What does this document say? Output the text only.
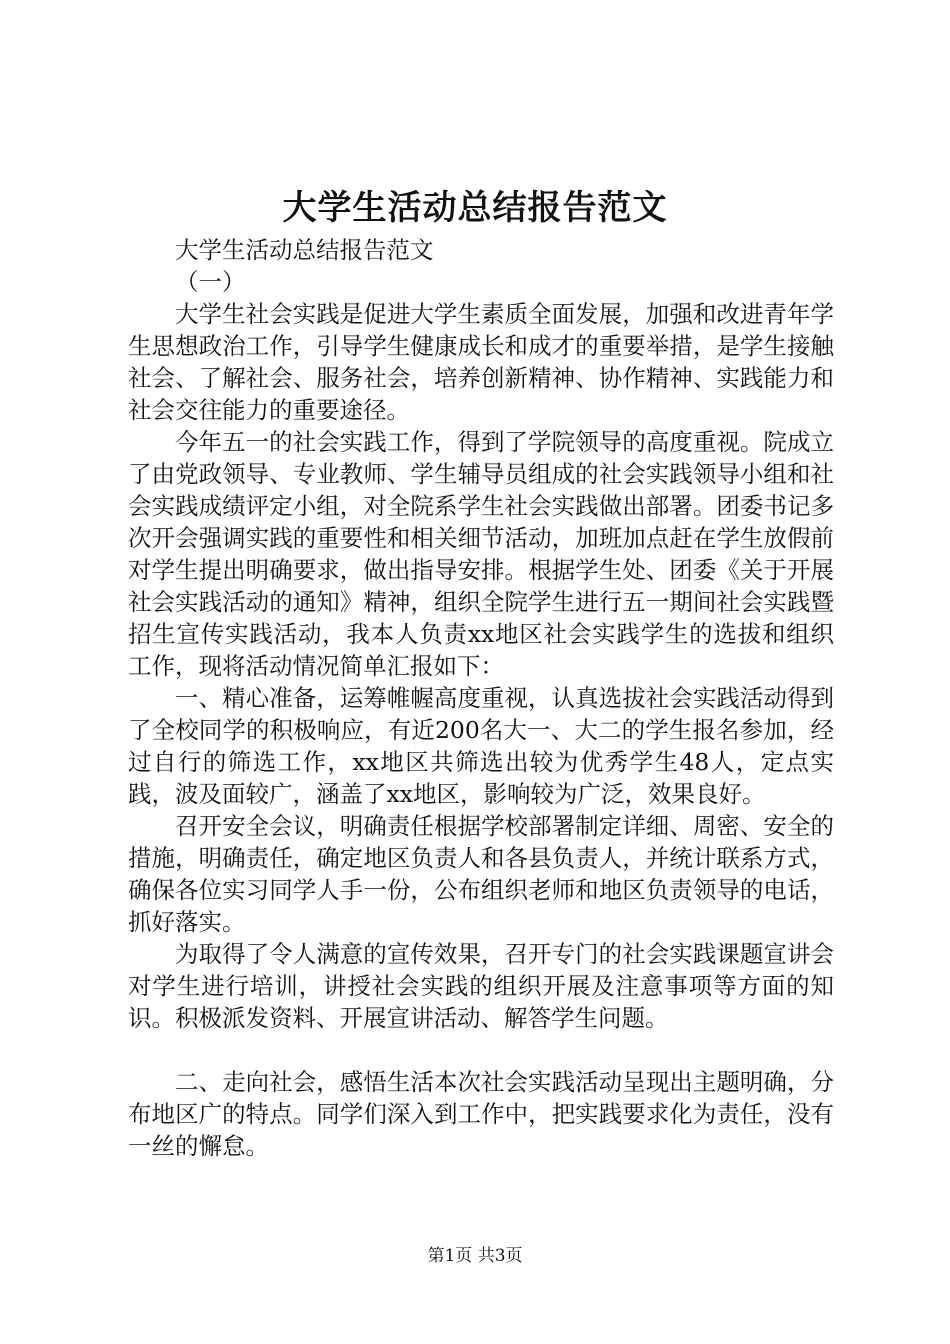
大学生活动总结报告范文

大学生活动总结报告范文

（一）

大学生社会实践是促进大学生素质全面发展，加强和改进青年学生思想政治工作，引导学生健康成长和成才的重要举措，是学生接触社会、了解社会、服务社会，培养创新精神、协作精神、实践能力和社会交往能力的重要途径。

今年五一的社会实践工作，得到了学院领导的高度重视。院成立了由党政领导、专业教师、学生辅导员组成的社会实践领导小组和社会实践成绩评定小组，对全院系学生社会实践做出部署。团委书记多次开会强调实践的重要性和相关细节活动，加班加点赶在学生放假前对学生提出明确要求，做出指导安排。根据学生处、团委《关于开展社会实践活动的通知》精神，组织全院学生进行五一期间社会实践暨招生宣传实践活动，我本人负责xx地区社会实践学生的选拔和组织工作，现将活动情况简单汇报如下：

一、精心准备，运筹帷幄高度重视，认真选拔社会实践活动得到了全校同学的积极响应，有近200名大一、大二的学生报名参加，经过自行的筛选工作，xx地区共筛选出较为优秀学生48人，定点实践，波及面较广，涵盖了xx地区，影响较为广泛，效果良好。

召开安全会议，明确责任根据学校部署制定详细、周密、安全的措施，明确责任，确定地区负责人和各县负责人，并统计联系方式，确保各位实习同学人手一份，公布组织老师和地区负责领导的电话，抓好落实。

为取得了令人满意的宣传效果，召开专门的社会实践课题宣讲会对学生进行培训，讲授社会实践的组织开展及注意事项等方面的知识。积极派发资料、开展宣讲活动、解答学生问题。

二、走向社会，感悟生活本次社会实践活动呈现出主题明确，分布地区广的特点。同学们深入到工作中，把实践要求化为责任，没有一丝的懈怠。

第1页 共3页
